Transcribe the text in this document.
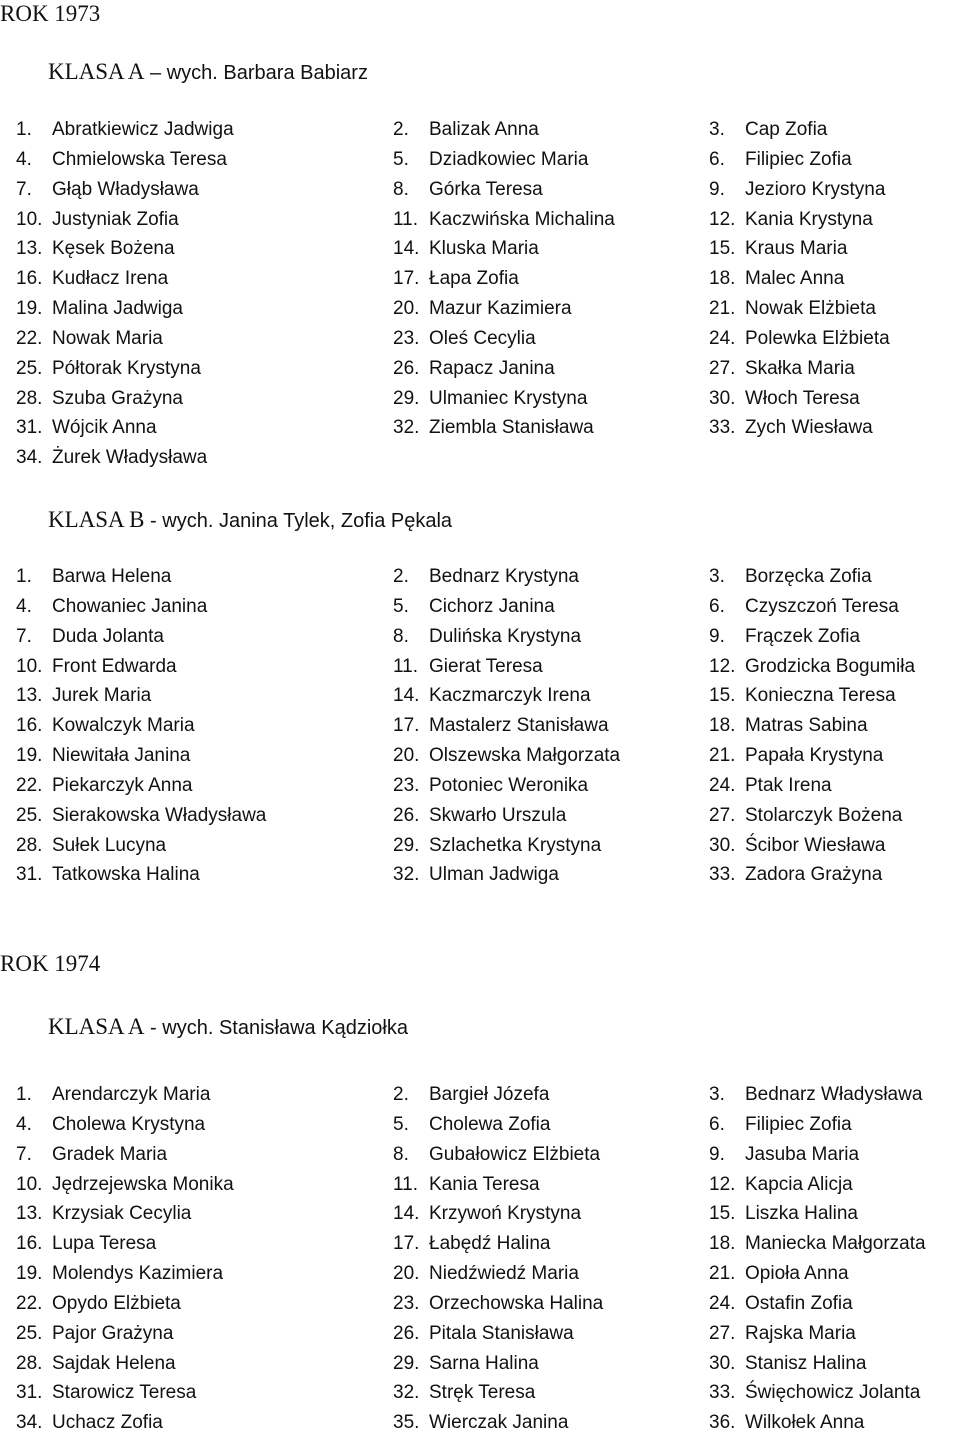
ROK 1973
KLASA A – wych. Barbara Babiarz
1. Abratkiewicz Jadwiga	2. Balizak Anna	3. Cap Zofia
4. Chmielowska Teresa	5. Dziadkowiec Maria	6. Filipiec Zofia
7. Głąb Władysława	8. Górka Teresa	9. Jezioro Krystyna
10. Justyniak Zofia	11. Kaczwińska Michalina	12. Kania Krystyna
13. Kęsek Bożena	14. Kluska Maria	15. Kraus Maria
16. Kudłacz Irena	17. Łapa Zofia	18. Malec Anna
19. Malina Jadwiga	20. Mazur Kazimiera	21. Nowak Elżbieta
22. Nowak Maria	23. Oleś Cecylia	24. Polewka Elżbieta
25. Półtorak Krystyna	26. Rapacz Janina	27. Skałka Maria
28. Szuba Grażyna	29. Ulmaniec Krystyna	30. Włoch Teresa
31. Wójcik Anna	32. Ziembla Stanisława	33. Zych Wiesława
34. Żurek Władysława
KLASA B - wych. Janina Tylek, Zofia Pękala
1. Barwa Helena	2. Bednarz Krystyna	3. Borzęcka Zofia
4. Chowaniec Janina	5. Cichorz Janina	6. Czyszczoń Teresa
7. Duda Jolanta	8. Dulińska Krystyna	9. Frączek Zofia
10. Front Edwarda	11. Gierat Teresa	12. Grodzicka Bogumiła
13. Jurek Maria	14. Kaczmarczyk Irena	15. Konieczna Teresa
16. Kowalczyk Maria	17. Mastalerz Stanisława	18. Matras Sabina
19. Niewitała Janina	20. Olszewska Małgorzata	21. Papała Krystyna
22. Piekarczyk Anna	23. Potoniec Weronika	24. Ptak Irena
25. Sierakowska Władysława	26. Skwarło Urszula	27. Stolarczyk Bożena
28. Sułek Lucyna	29. Szlachetka Krystyna	30. Ścibor Wiesława
31. Tatkowska Halina	32. Ulman Jadwiga	33. Zadora Grażyna
ROK 1974
KLASA A - wych. Stanisława Kądziołka
1. Arendarczyk Maria	2. Bargieł Józefa	3. Bednarz Władysława
4. Cholewa Krystyna	5. Cholewa Zofia	6. Filipiec Zofia
7. Gradek Maria	8. Gubałowicz Elżbieta	9. Jasuba Maria
10. Jędrzejewska Monika	11. Kania Teresa	12. Kapcia Alicja
13. Krzysiak Cecylia	14. Krzywoń Krystyna	15. Liszka Halina
16. Lupa Teresa	17. Łabędź Halina	18. Maniecka Małgorzata
19. Molendys Kazimiera	20. Niedźwiedź Maria	21. Opioła Anna
22. Opydo Elżbieta	23. Orzechowska Halina	24. Ostafin Zofia
25. Pajor Grażyna	26. Pitala Stanisława	27. Rajska Maria
28. Sajdak Helena	29. Sarna Halina	30. Stanisz Halina
31. Starowicz Teresa	32. Stręk Teresa	33. Święchowicz Jolanta
34. Uchacz Zofia	35. Wierczak Janina	36. Wilkołek Anna
